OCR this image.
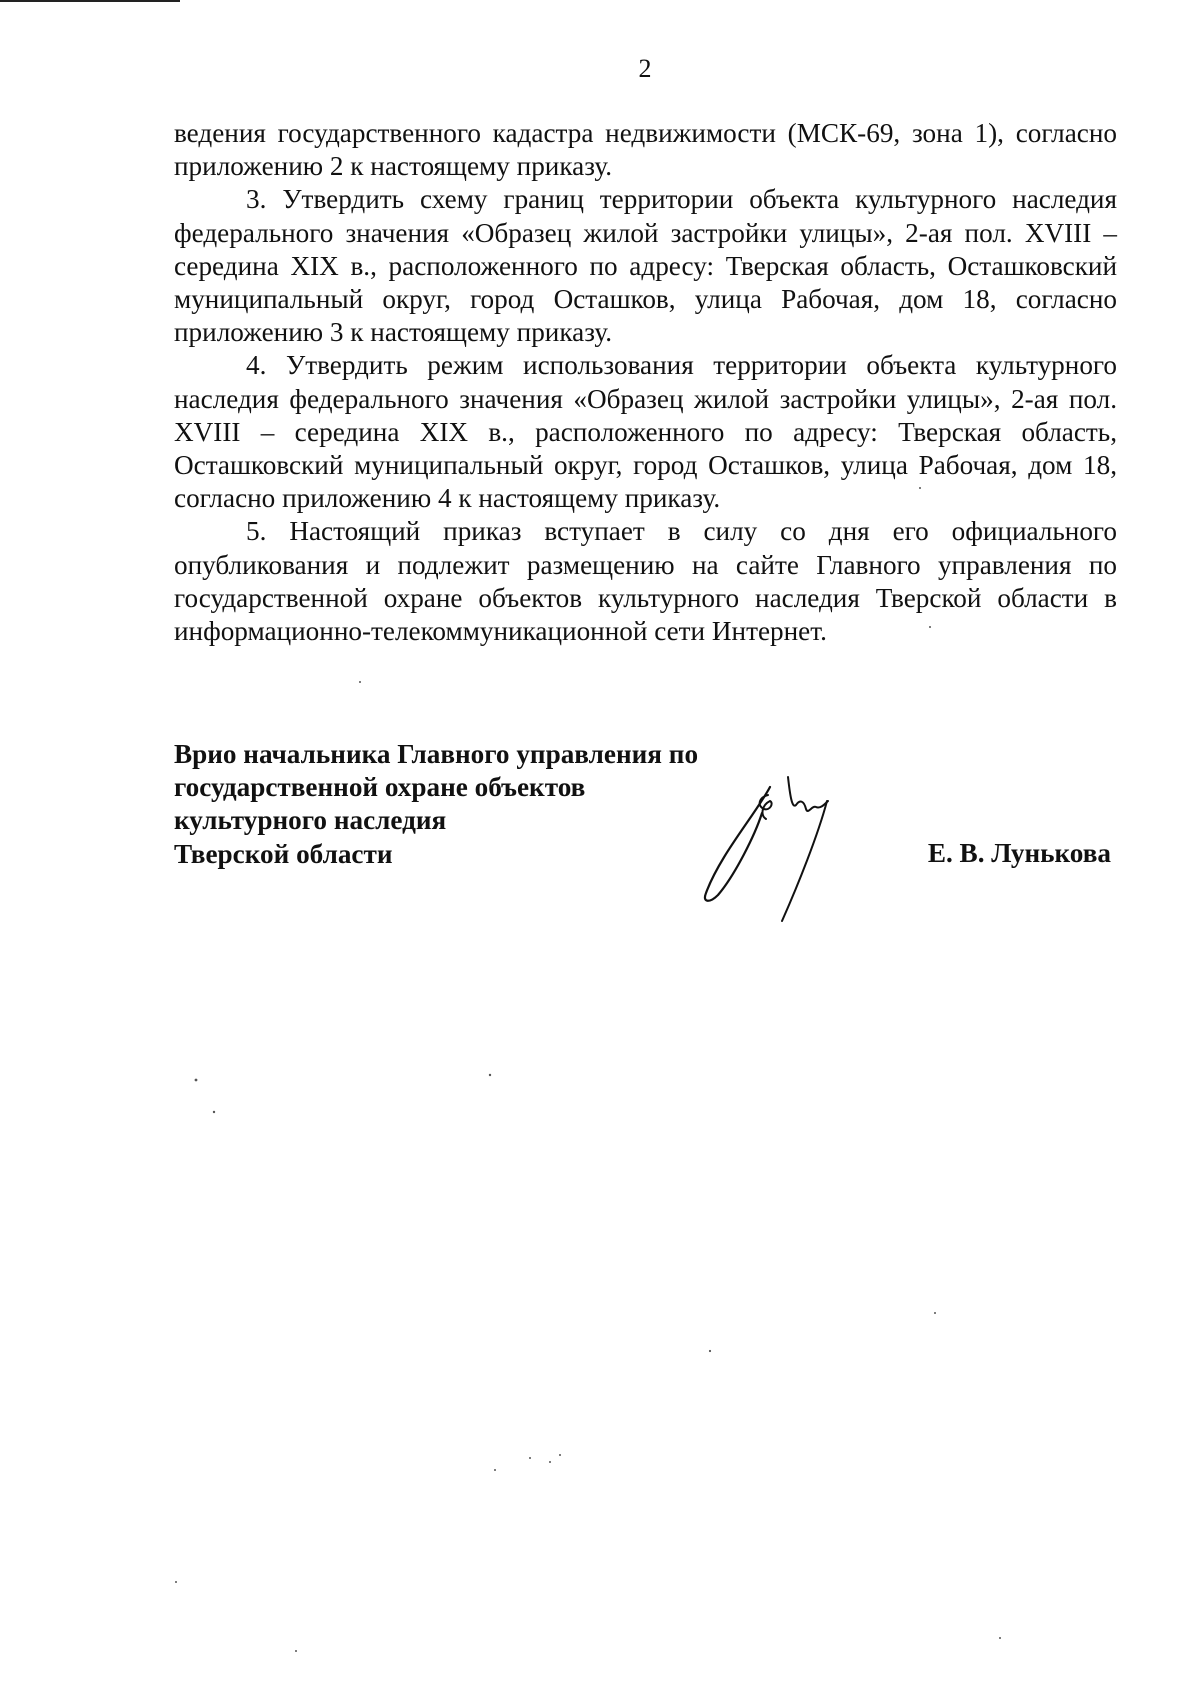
2

ведения государственного кадастра недвижимости (МСК-69, зона 1), согласно приложению 2 к настоящему приказу.

3. Утвердить схему границ территории объекта культурного наследия федерального значения «Образец жилой застройки улицы», 2-ая пол. XVIII – середина XIX в., расположенного по адресу: Тверская область, Осташковский муниципальный округ, город Осташков, улица Рабочая, дом 18, согласно приложению 3 к настоящему приказу.

4. Утвердить режим использования территории объекта культурного наследия федерального значения «Образец жилой застройки улицы», 2-ая пол. XVIII – середина XIX в., расположенного по адресу: Тверская область, Осташковский муниципальный округ, город Осташков, улица Рабочая, дом 18, согласно приложению 4 к настоящему приказу.

5. Настоящий приказ вступает в силу со дня его официального опубликования и подлежит размещению на сайте Главного управления по государственной охране объектов культурного наследия Тверской области в информационно-телекоммуникационной сети Интернет.

Врио начальника Главного управления по
государственной охране объектов
культурного наследия
Тверской области	Е. В. Лунькова
